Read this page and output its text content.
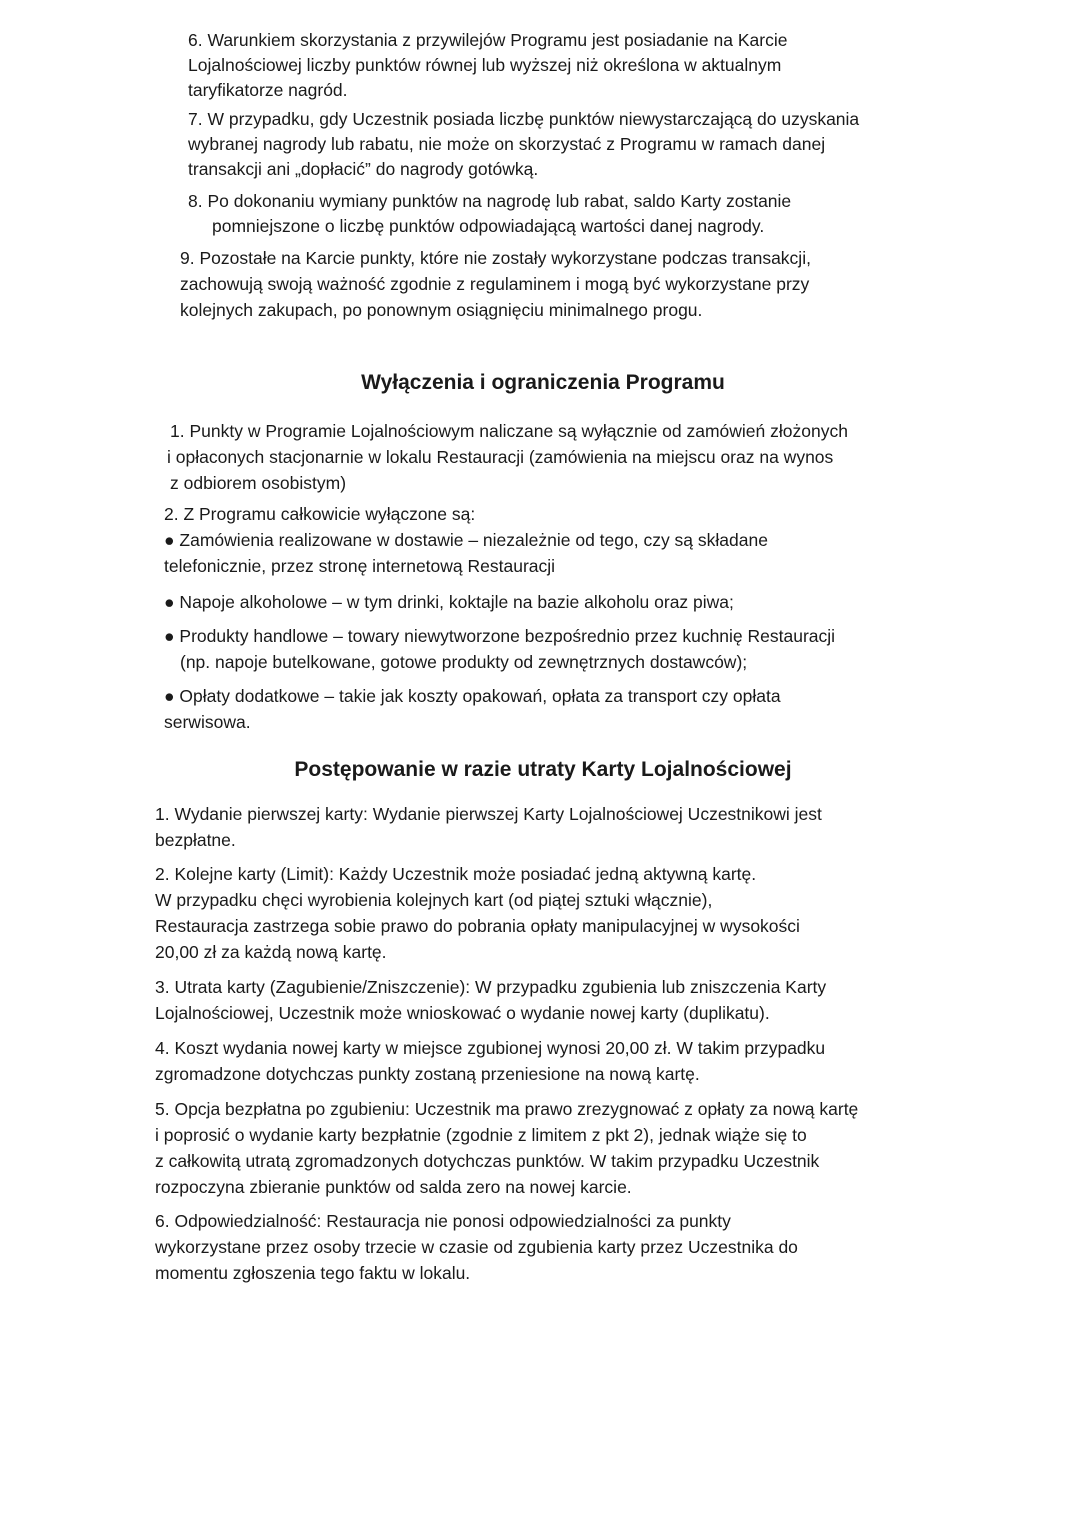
6. Warunkiem skorzystania z przywilejów Programu jest posiadanie na Karcie
Lojalnościowej liczby punktów równej lub wyższej niż określona w aktualnym
taryfikatorze nagród.
7. W przypadku, gdy Uczestnik posiada liczbę punktów niewystarczającą do uzyskania
wybranej nagrody lub rabatu, nie może on skorzystać z Programu w ramach danej
transakcji ani „dopłacić” do nagrody gotówką.
8. Po dokonaniu wymiany punktów na nagrodę lub rabat, saldo Karty zostanie
pomniejszone o liczbę punktów odpowiadającą wartości danej nagrody.
9. Pozostałe na Karcie punkty, które nie zostały wykorzystane podczas transakcji,
zachowują swoją ważność zgodnie z regulaminem i mogą być wykorzystane przy
kolejnych zakupach, po ponownym osiągnięciu minimalnego progu.
Wyłączenia i ograniczenia Programu
1. Punkty w Programie Lojalnościowym naliczane są wyłącznie od zamówień złożonych
i opłaconych stacjonarnie w lokalu Restauracji (zamówienia na miejscu oraz na wynos
z odbiorem osobistym)
2. Z Programu całkowicie wyłączone są:
● Zamówienia realizowane w dostawie – niezależnie od tego, czy są składane
telefonicznie, przez stronę internetową Restauracji
● Napoje alkoholowe – w tym drinki, koktajle na bazie alkoholu oraz piwa;
● Produkty handlowe – towary niewytworzone bezpośrednio przez kuchnię Restauracji
(np. napoje butelkowane, gotowe produkty od zewnętrznych dostawców);
● Opłaty dodatkowe – takie jak koszty opakowań, opłata za transport czy opłata
serwisowa.
Postępowanie w razie utraty Karty Lojalnościowej
1. Wydanie pierwszej karty: Wydanie pierwszej Karty Lojalnościowej Uczestnikowi jest
bezpłatne.
2. Kolejne karty (Limit): Każdy Uczestnik może posiadać jedną aktywną kartę.
W przypadku chęci wyrobienia kolejnych kart (od piątej sztuki włącznie),
Restauracja zastrzega sobie prawo do pobrania opłaty manipulacyjnej w wysokości
20,00 zł za każdą nową kartę.
3. Utrata karty (Zagubienie/Zniszczenie): W przypadku zgubienia lub zniszczenia Karty
Lojalnościowej, Uczestnik może wnioskować o wydanie nowej karty (duplikatu).
4. Koszt wydania nowej karty w miejsce zgubionej wynosi 20,00 zł. W takim przypadku
zgromadzone dotychczas punkty zostaną przeniesione na nową kartę.
5. Opcja bezpłatna po zgubieniu: Uczestnik ma prawo zrezygnować z opłaty za nową kartę
i poprosić o wydanie karty bezpłatnie (zgodnie z limitem z pkt 2), jednak wiąże się to
z całkowitą utratą zgromadzonych dotychczas punktów. W takim przypadku Uczestnik
rozpoczyna zbieranie punktów od salda zero na nowej karcie.
6. Odpowiedzialność: Restauracja nie ponosi odpowiedzialności za punkty
wykorzystane przez osoby trzecie w czasie od zgubienia karty przez Uczestnika do
momentu zgłoszenia tego faktu w lokalu.
